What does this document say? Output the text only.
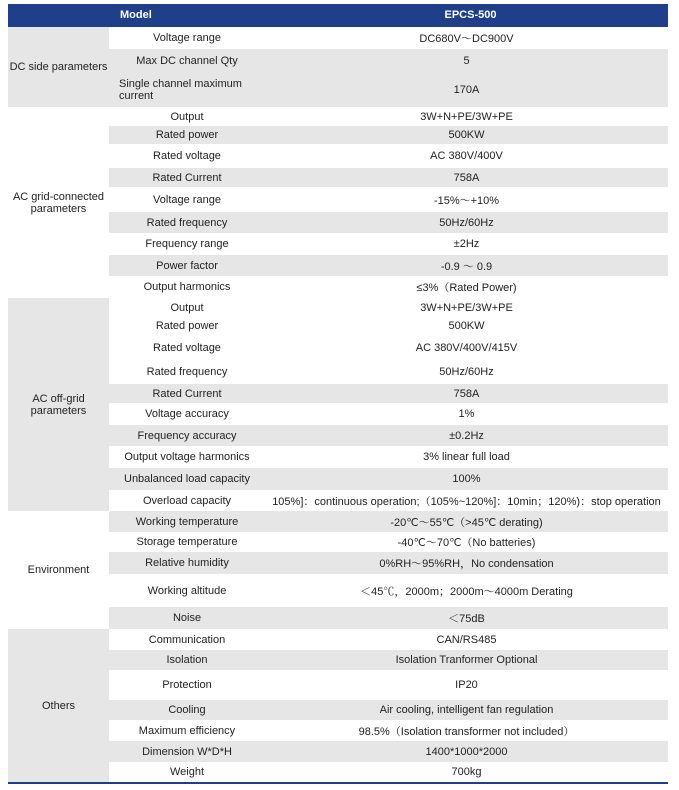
Model	EPCS-500
DC side parameters
Voltage range	DC680V～DC900V
Max DC channel Qty	5
Single channel maximum current	170A
AC grid-connected parameters
Output	3W+N+PE/3W+PE
Rated power	500KW
Rated voltage	AC 380V/400V
Rated Current	758A
Voltage range	-15%～+10%
Rated frequency	50Hz/60Hz
Frequency range	±2Hz
Power factor	-0.9 ～ 0.9
Output harmonics	≤3%（Rated Power)
AC off-grid parameters
Output	3W+N+PE/3W+PE
Rated power	500KW
Rated voltage	AC 380V/400V/415V
Rated frequency	50Hz/60Hz
Rated Current	758A
Voltage accuracy	1%
Frequency accuracy	±0.2Hz
Output voltage harmonics	3% linear full load
Unbalanced load capacity	100%
Overload capacity	105%]：continuous operation;（105%~120%]：10min；120%)：stop operation
Environment
Working temperature	-20℃～55℃（>45℃ derating)
Storage temperature	-40℃～70℃（No batteries)
Relative humidity	0%RH～95%RH，No condensation
Working altitude	＜45℃，2000m；2000m～4000m Derating
Noise	＜75dB
Others
Communication	CAN/RS485
Isolation	Isolation Tranformer Optional
Protection	IP20
Cooling	Air cooling, intelligent fan regulation
Maximum efficiency	98.5%（Isolation transformer not included）
Dimension W*D*H	1400*1000*2000
Weight	700kg
